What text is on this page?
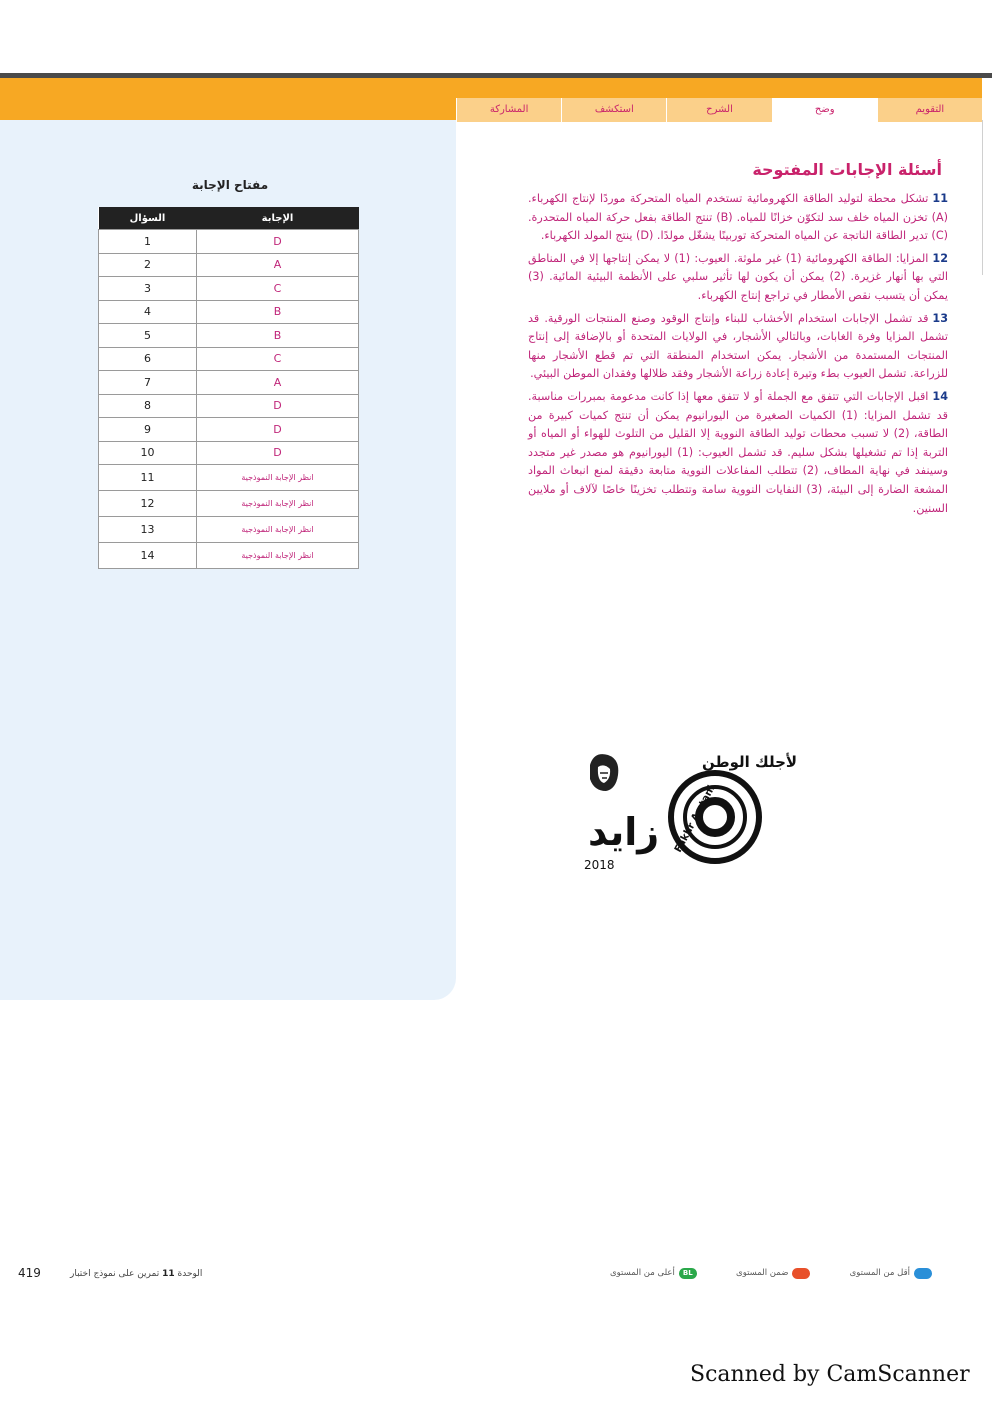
المشاركة	استكشف	الشرح	وضح	التقويم
مفتاح الإجابة
السؤال	الإجابة
1	D
2	A
3	C
4	B
5	B
6	C
7	A
8	D
9	D
10	D
11	انظر الإجابة النموذجية
12	انظر الإجابة النموذجية
13	انظر الإجابة النموذجية
14	انظر الإجابة النموذجية
أسئلة الإجابات المفتوحة
11تشكل محطة لتوليد الطاقة الكهرومائية تستخدم المياه المتحركة موردًا لإنتاج الكهرباء. (A) تخزن المياه خلف سد لتكوّن خزانًا للمياه. (B) تنتج الطاقة بفعل حركة المياه المتحدرة. (C) تدير الطاقة الناتجة عن المياه المتحركة توربينًا يشغّل مولدًا. (D) ينتج المولد الكهرباء.
12المزايا: الطاقة الكهرومائية (1) غير ملوثة. العيوب: (1) لا يمكن إنتاجها إلا في المناطق التي بها أنهار غزيرة. (2) يمكن أن يكون لها تأثير سلبي على الأنظمة البيئية المائية. (3) يمكن أن يتسبب نقص الأمطار في تراجع إنتاج الكهرباء.
13قد تشمل الإجابات استخدام الأخشاب للبناء وإنتاج الوقود وصنع المنتجات الورقية. قد تشمل المزايا وفرة الغابات، وبالتالي الأشجار، في الولايات المتحدة أو بالإضافة إلى إنتاج المنتجات المستمدة من الأشجار. يمكن استخدام المنطقة التي تم قطع الأشجار منها للزراعة. تشمل العيوب بطء وتيرة إعادة زراعة الأشجار وفقد ظلالها وفقدان الموطن البيئي.
14اقبل الإجابات التي تتفق مع الجملة أو لا تتفق معها إذا كانت مدعومة بمبررات مناسبة. قد تشمل المزايا: (1) الكميات الصغيرة من اليورانيوم يمكن أن تنتج كميات كبيرة من الطاقة، (2) لا تسبب محطات توليد الطاقة النووية إلا القليل من التلوث للهواء أو المياه أو التربة إذا تم تشغيلها بشكل سليم. قد تشمل العيوب: (1) اليورانيوم هو مصدر غير متجدد وسينفد في نهاية المطاف، (2) تتطلب المفاعلات النووية متابعة دقيقة لمنع انبعاث المواد المشعة الضارة إلى البيئة، (3) النفايات النووية سامة وتتطلب تخزينًا خاصًا لآلاف أو ملايين السنين.
زايد
2018
لأجلك الوطن
Fakhr Awtani
419	الوحدة 11 تمرين على نموذج اختبار	BL
أعلى من المستوى	ضمن المستوى	أقل من المستوى
Scanned by CamScanner
